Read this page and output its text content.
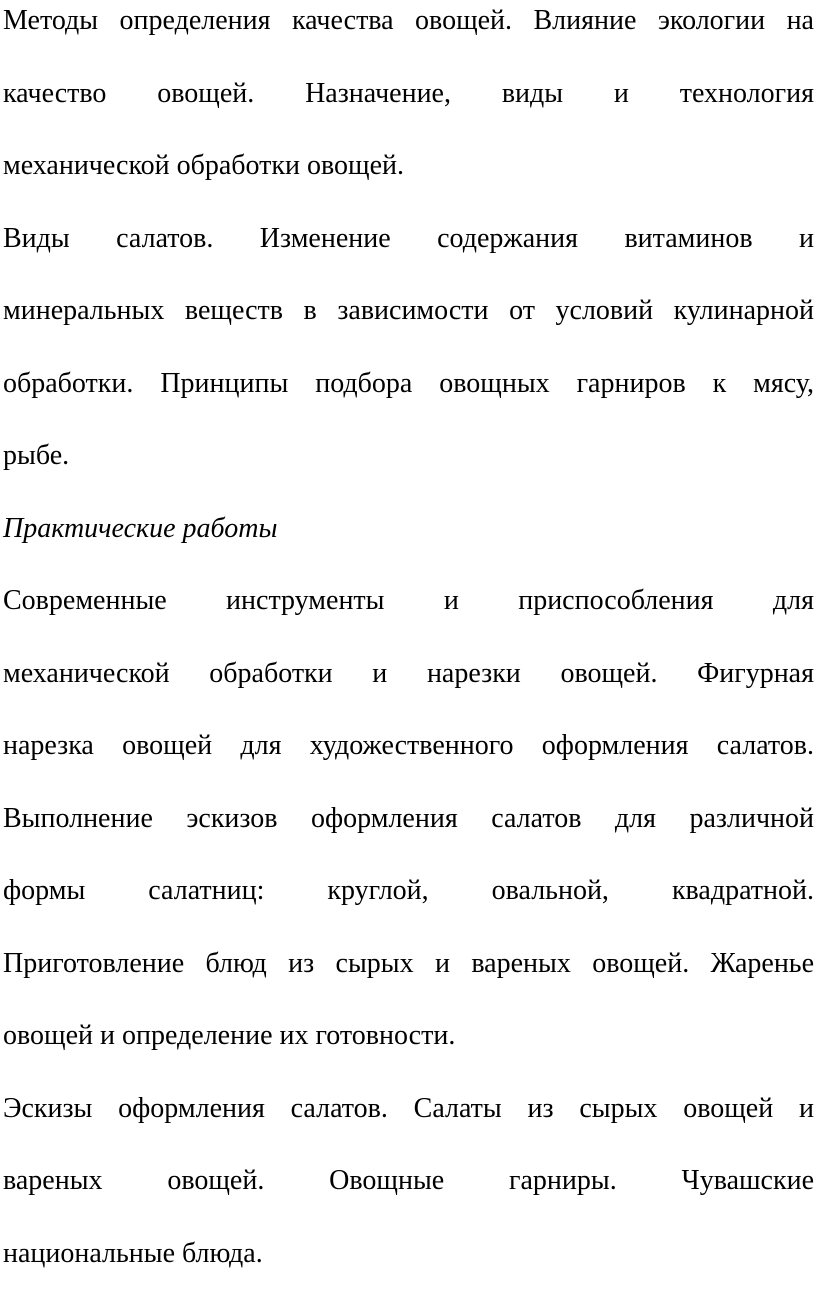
Методы определения качества овощей. Влияние экологии на
качество овощей. Назначение, виды и технология
механической обработки овощей.
Виды салатов. Изменение содержания витаминов и
минеральных веществ в зависимости от условий кулинарной
обработки. Принципы подбора овощных гарниров к мясу,
рыбе.
Практические работы
Современные инструменты и приспособления для
механической обработки и нарезки овощей. Фигурная
нарезка овощей для художественного оформления салатов.
Выполнение эскизов оформления салатов для различной
формы салатниц: круглой, овальной, квадратной.
Приготовление блюд из сырых и вареных овощей. Жаренье
овощей и определение их готовности.
Эскизы оформления салатов. Салаты из сырых овощей и
вареных овощей. Овощные гарниры. Чувашские
национальные блюда.
